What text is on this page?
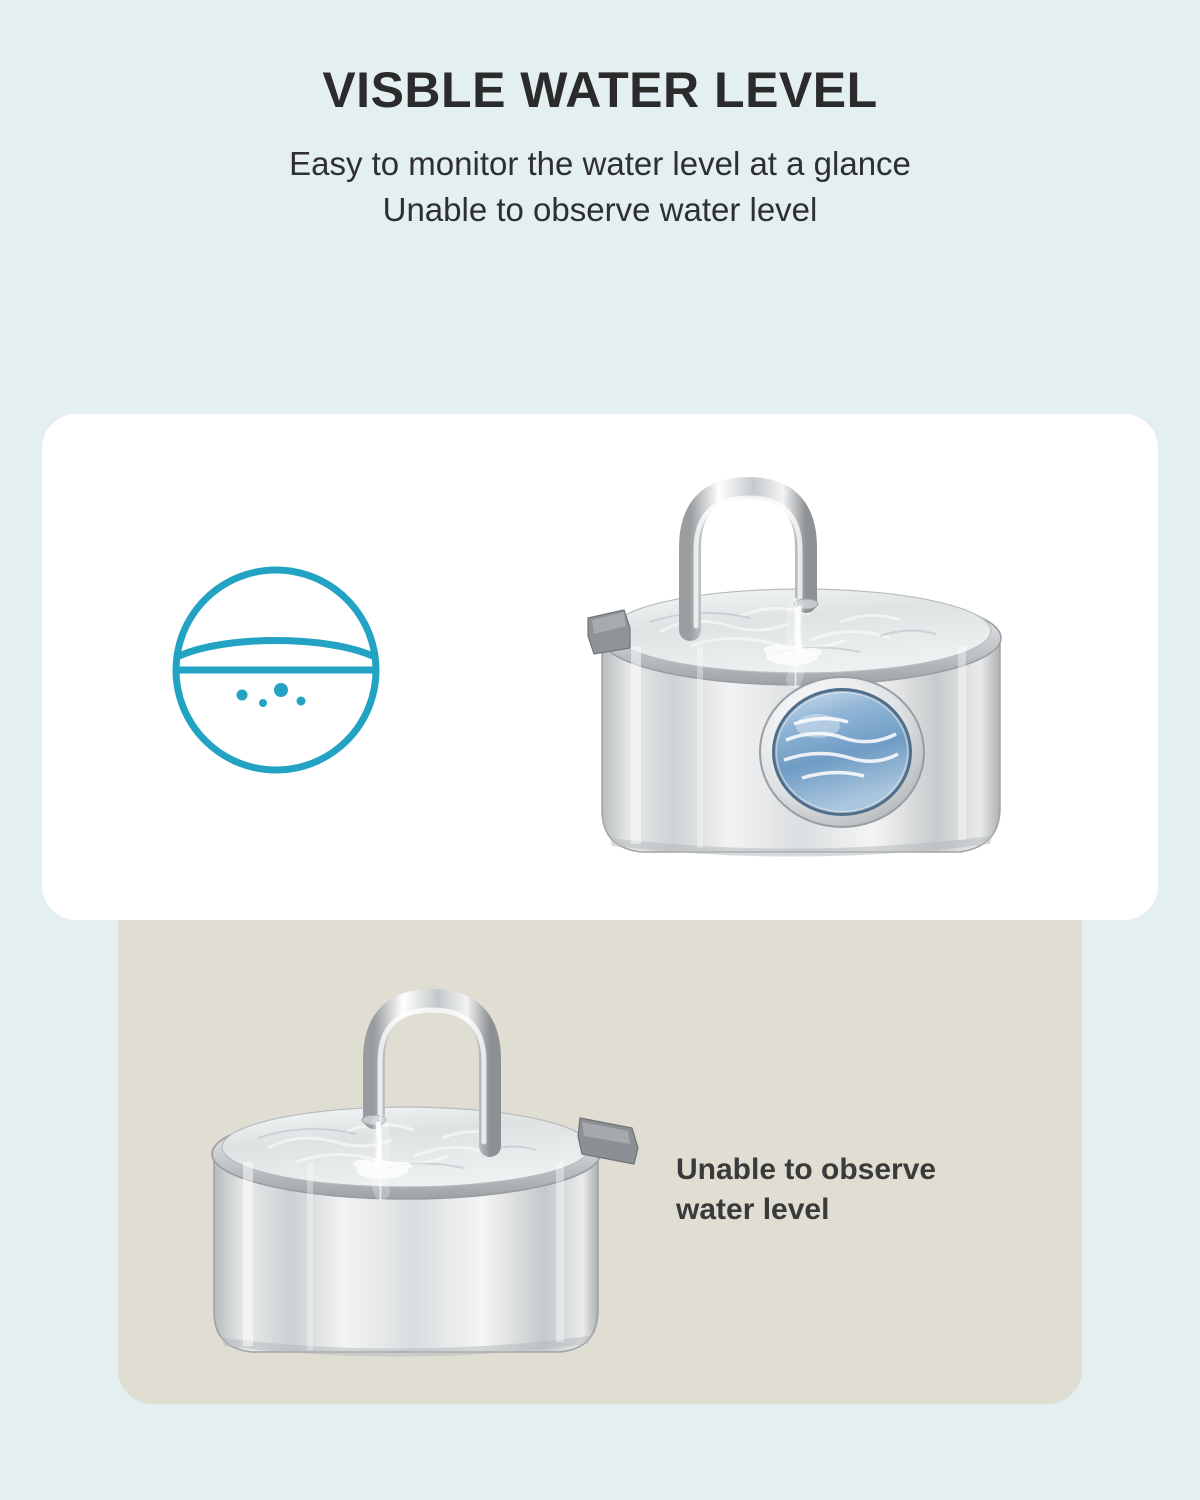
VISBLE WATER LEVEL

Easy to monitor the water level at a glance

Unable to observe water level

Unable to observe
water level
